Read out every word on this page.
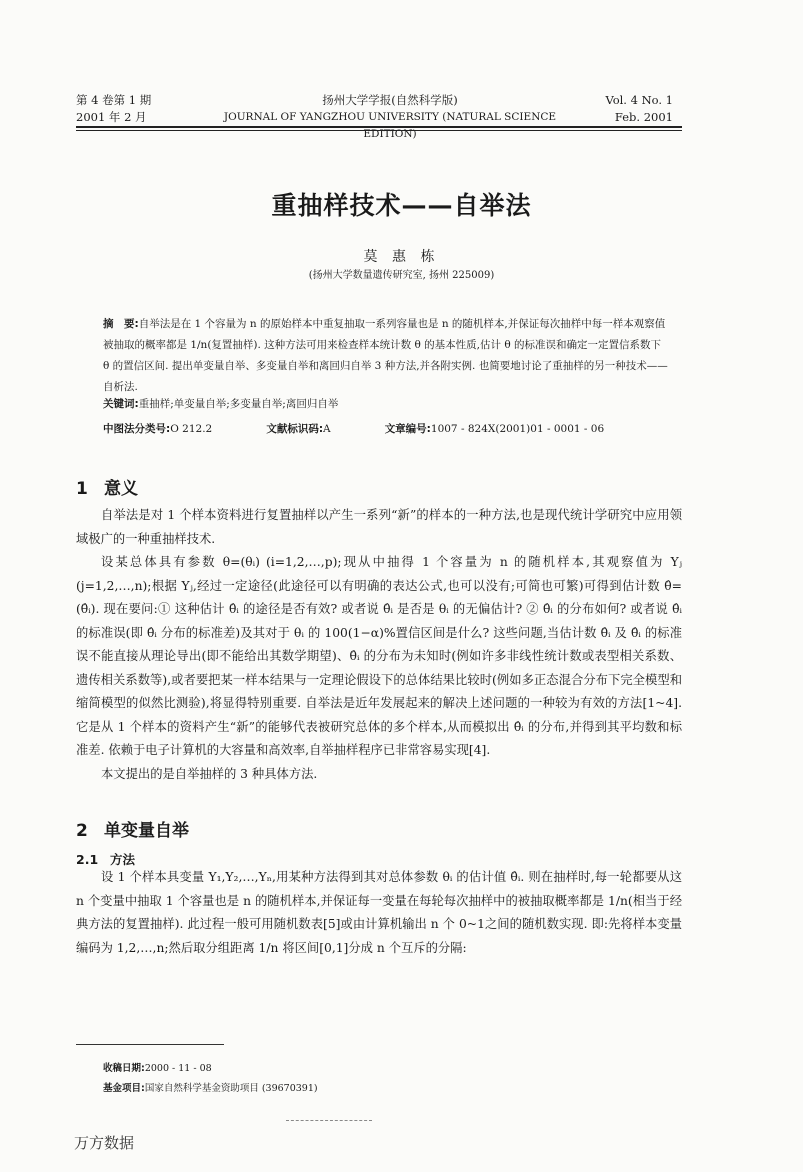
第 4 卷第 1 期
2001 年 2 月
扬州大学学报(自然科学版)
JOURNAL OF YANGZHOU UNIVERSITY (NATURAL SCIENCE EDITION)
Vol. 4 No. 1
Feb. 2001
重抽样技术——自举法
莫 惠 栋
(扬州大学数量遗传研究室, 扬州 225009)
摘　要:自举法是在 1 个容量为 n 的原始样本中重复抽取一系列容量也是 n 的随机样本,并保证每次抽样中每一样本观察值被抽取的概率都是 1/n(复置抽样). 这种方法可用来检查样本统计数 θ 的基本性质,估计 θ 的标准误和确定一定置信系数下 θ 的置信区间. 提出单变量自举、多变量自举和离回归自举 3 种方法,并各附实例. 也简要地讨论了重抽样的另一种技术—— 自析法.
关键词:重抽样;单变量自举;多变量自举;离回归自举
中图法分类号:O 212.2	文献标识码:A	文章编号:1007 - 824X(2001)01 - 0001 - 06
1 意义

自举法是对 1 个样本资料进行复置抽样以产生一系列“新”的样本的一种方法,也是现代统计学研究中应用领域极广的一种重抽样技术.

设某总体具有参数 θ=(θᵢ) (i=1,2,…,p);现从中抽得 1 个容量为 n 的随机样本,其观察值为 Yⱼ (j=1,2,…,n);根据 Yⱼ,经过一定途径(此途径可以有明确的表达公式,也可以没有;可简也可繁)可得到估计数 θ̂=(θ̂ᵢ). 现在要问:① 这种估计 θ̂ᵢ 的途径是否有效? 或者说 θ̂ᵢ 是否是 θᵢ 的无偏估计? ② θ̂ᵢ 的分布如何? 或者说 θ̂ᵢ 的标准误(即 θ̂ᵢ 分布的标准差)及其对于 θᵢ 的 100(1−α)%置信区间是什么? 这些问题,当估计数 θ̂ᵢ 及 θ̂ᵢ 的标准误不能直接从理论导出(即不能给出其数学期望)、θ̂ᵢ 的分布为未知时(例如许多非线性统计数或表型相关系数、遗传相关系数等),或者要把某一样本结果与一定理论假设下的总体结果比较时(例如多正态混合分布下完全模型和缩简模型的似然比测验),将显得特别重要. 自举法是近年发展起来的解决上述问题的一种较为有效的方法[1~4]. 它是从 1 个样本的资料产生“新”的能够代表被研究总体的多个样本,从而模拟出 θ̂ᵢ 的分布,并得到其平均数和标准差. 依赖于电子计算机的大容量和高效率,自举抽样程序已非常容易实现[4].

本文提出的是自举抽样的 3 种具体方法.

2 单变量自举
2.1 方法

设 1 个样本具变量 Y₁,Y₂,…,Yₙ,用某种方法得到其对总体参数 θᵢ 的估计值 θ̂ᵢ. 则在抽样时,每一轮都要从这 n 个变量中抽取 1 个容量也是 n 的随机样本,并保证每一变量在每轮每次抽样中的被抽取概率都是 1/n(相当于经典方法的复置抽样). 此过程一般可用随机数表[5]或由计算机输出 n 个 0~1之间的随机数实现. 即:先将样本变量编码为 1,2,…,n;然后取分组距离 1/n 将区间[0,1]分成 n 个互斥的分隔:

收稿日期:2000 - 11 - 08
基金项目:国家自然科学基金资助项目 (39670391)
万方数据
